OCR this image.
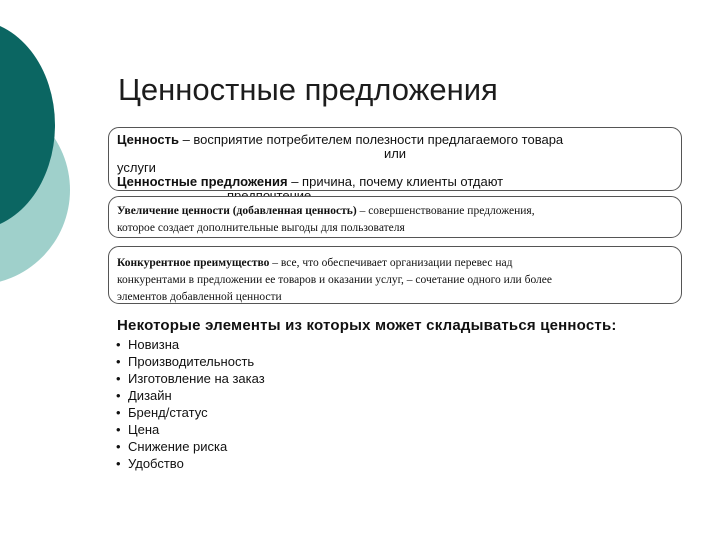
Ценностные предложения
Ценность – восприятие потребителем полезности предлагаемого товара
или
услуги
Ценностные предложения – причина, почему клиенты отдают
Увеличение ценности (добавленная ценность) – совершенствование предложения,
которое создает дополнительные выгоды для пользователя
Конкурентное преимущество – все, что обеспечивает организации перевес над
конкурентами в предложении ее товаров и оказании услуг, – сочетание одного или более
элементов добавленной ценности
Некоторые элементы из которых может складываться ценность:
• Новизна
• Производительность
• Изготовление на заказ
• Дизайн
• Бренд/статус
• Цена
• Снижение риска
• Удобство
